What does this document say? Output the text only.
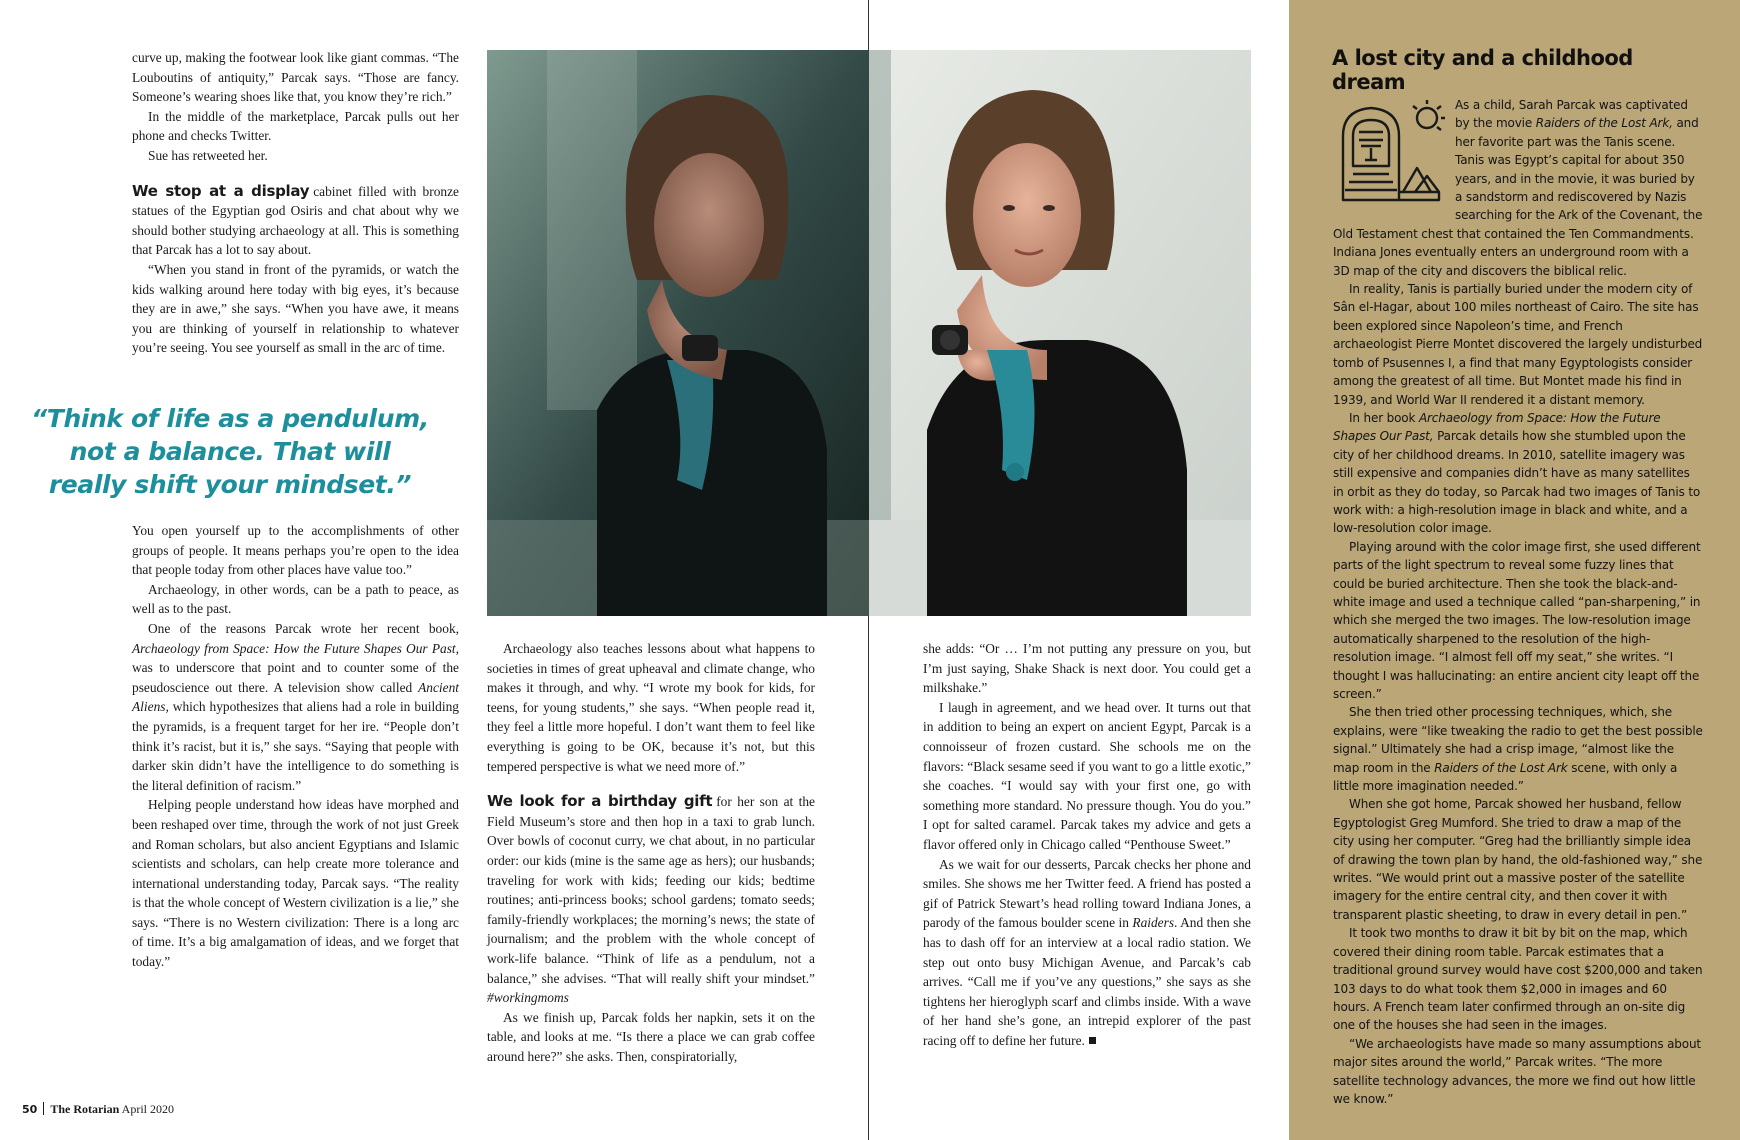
curve up, making the footwear look like giant commas. “The Louboutins of antiquity,” Parcak says. “Those are fancy. Someone’s wearing shoes like that, you know they’re rich.”

In the middle of the marketplace, Parcak pulls out her phone and checks Twitter.

Sue has retweeted her.

We stop at a display cabinet filled with bronze statues of the Egyptian god Osiris and chat about why we should bother studying archaeology at all. This is something that Parcak has a lot to say about.

“When you stand in front of the pyramids, or watch the kids walking around here today with big eyes, it’s because they are in awe,” she says. “When you have awe, it means you are thinking of yourself in relationship to whatever you’re seeing. You see yourself as small in the arc of time.

“Think of life as a pendulum, not a balance. That will really shift your mindset.”

You open yourself up to the accomplishments of other groups of people. It means perhaps you’re open to the idea that people today from other places have value too.”

Archaeology, in other words, can be a path to peace, as well as to the past.

One of the reasons Parcak wrote her recent book, Archaeology from Space: How the Future Shapes Our Past, was to underscore that point and to counter some of the pseudoscience out there. A television show called Ancient Aliens, which hypothesizes that aliens had a role in building the pyramids, is a frequent target for her ire. “People don’t think it’s racist, but it is,” she says. “Saying that people with darker skin didn’t have the intelligence to do something is the literal definition of racism.”

Helping people understand how ideas have morphed and been reshaped over time, through the work of not just Greek and Roman scholars, but also ancient Egyptians and Islamic scientists and scholars, can help create more tolerance and international understanding today, Parcak says. “The reality is that the whole concept of Western civilization is a lie,” she says. “There is no Western civilization: There is a long arc of time. It’s a big amalgamation of ideas, and we forget that today.”

Archaeology also teaches lessons about what happens to societies in times of great upheaval and climate change, who makes it through, and why. “I wrote my book for kids, for teens, for young students,” she says. “When people read it, they feel a little more hopeful. I don’t want them to feel like everything is going to be OK, because it’s not, but this tempered perspective is what we need more of.”

We look for a birthday gift for her son at the Field Museum’s store and then hop in a taxi to grab lunch. Over bowls of coconut curry, we chat about, in no particular order: our kids (mine is the same age as hers); our husbands; traveling for work with kids; feeding our kids; bedtime routines; anti-princess books; school gardens; tomato seeds; family-friendly workplaces; the morning’s news; the state of journalism; and the problem with the whole concept of work-life balance. “Think of life as a pendulum, not a balance,” she advises. “That will really shift your mindset.” #workingmoms

As we finish up, Parcak folds her napkin, sets it on the table, and looks at me. “Is there a place we can grab coffee around here?” she asks. Then, conspiratorially,

50 The Rotarian April 2020

she adds: “Or … I’m not putting any pressure on you, but I’m just saying, Shake Shack is next door. You could get a milkshake.”

I laugh in agreement, and we head over. It turns out that in addition to being an expert on ancient Egypt, Parcak is a connoisseur of frozen custard. She schools me on the flavors: “Black sesame seed if you want to go a little exotic,” she coaches. “I would say with your first one, go with something more standard. No pressure though. You do you.” I opt for salted caramel. Parcak takes my advice and gets a flavor offered only in Chicago called “Penthouse Sweet.”

As we wait for our desserts, Parcak checks her phone and smiles. She shows me her Twitter feed. A friend has posted a gif of Patrick Stewart’s head rolling toward Indiana Jones, a parody of the famous boulder scene in Raiders. And then she has to dash off for an interview at a local radio station. We step out onto busy Michigan Avenue, and Parcak’s cab arrives. “Call me if you’ve any questions,” she says as she tightens her hieroglyph scarf and climbs inside. With a wave of her hand she’s gone, an intrepid explorer of the past racing off to define her future.

A lost city and a childhood dream

As a child, Sarah Parcak was captivated by the movie Raiders of the Lost Ark, and her favorite part was the Tanis scene. Tanis was Egypt’s capital for about 350 years, and in the movie, it was buried by a sandstorm and rediscovered by Nazis searching for the Ark of the Covenant, the Old Testament chest that contained the Ten Commandments. Indiana Jones eventually enters an underground room with a 3D map of the city and discovers the biblical relic.

In reality, Tanis is partially buried under the modern city of Sân el-Hagar, about 100 miles northeast of Cairo. The site has been explored since Napoleon’s time, and French archaeologist Pierre Montet discovered the largely undisturbed tomb of Psusennes I, a find that many Egyptologists consider among the greatest of all time. But Montet made his find in 1939, and World War II rendered it a distant memory.

In her book Archaeology from Space: How the Future Shapes Our Past, Parcak details how she stumbled upon the city of her childhood dreams. In 2010, satellite imagery was still expensive and companies didn’t have as many satellites in orbit as they do today, so Parcak had two images of Tanis to work with: a high-resolution image in black and white, and a low-resolution color image.

Playing around with the color image first, she used different parts of the light spectrum to reveal some fuzzy lines that could be buried architecture. Then she took the black-and-white image and used a technique called “pan-sharpening,” in which she merged the two images. The low-resolution image automatically sharpened to the resolution of the high-resolution image. “I almost fell off my seat,” she writes. “I thought I was hallucinating: an entire ancient city leapt off the screen.”

She then tried other processing techniques, which, she explains, were “like tweaking the radio to get the best possible signal.” Ultimately she had a crisp image, “almost like the map room in the Raiders of the Lost Ark scene, with only a little more imagination needed.”

When she got home, Parcak showed her husband, fellow Egyptologist Greg Mumford. She tried to draw a map of the city using her computer. “Greg had the brilliantly simple idea of drawing the town plan by hand, the old-fashioned way,” she writes. “We would print out a massive poster of the satellite imagery for the entire central city, and then cover it with transparent plastic sheeting, to draw in every detail in pen.”

It took two months to draw it bit by bit on the map, which covered their dining room table. Parcak estimates that a traditional ground survey would have cost $200,000 and taken 103 days to do what took them $2,000 in images and 60 hours. A French team later confirmed through an on-site dig one of the houses she had seen in the images.

“We archaeologists have made so many assumptions about major sites around the world,” Parcak writes. “The more satellite technology advances, the more we find out how little we know.”
